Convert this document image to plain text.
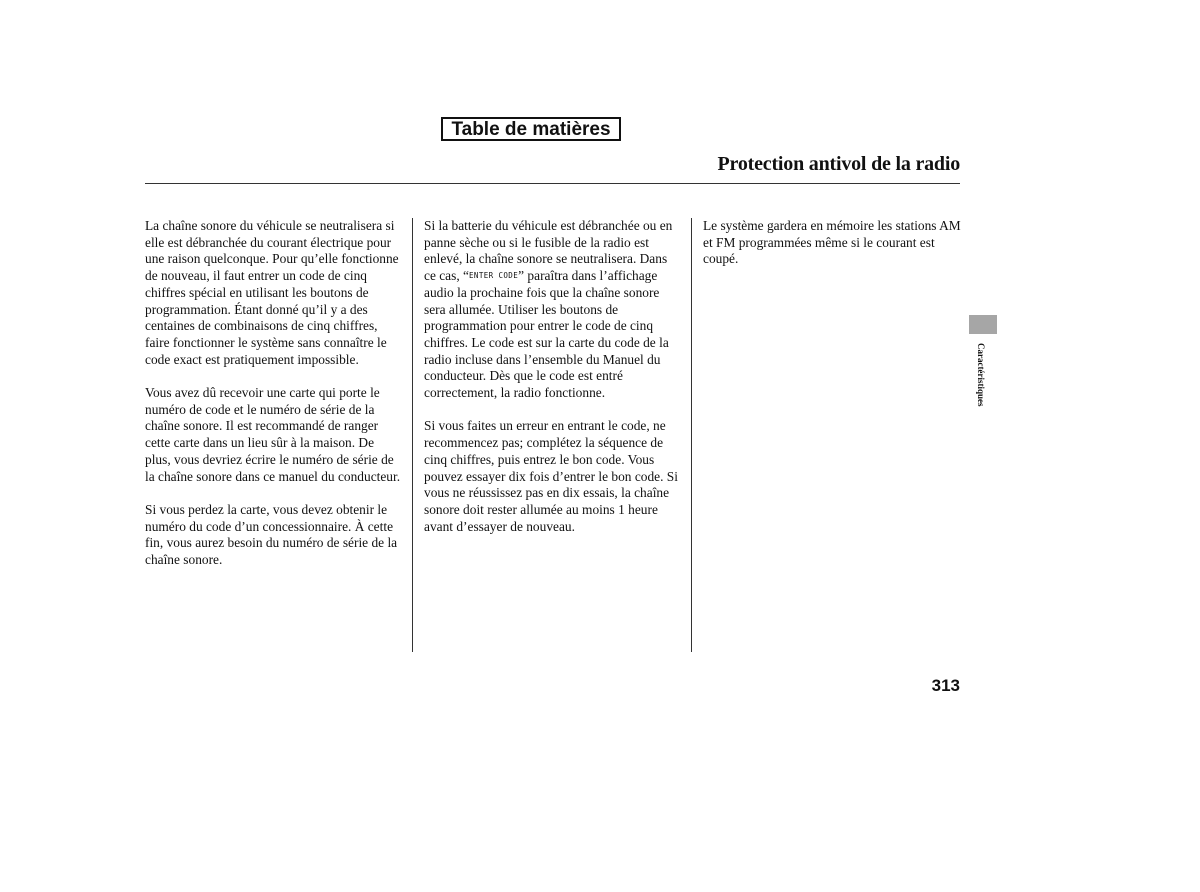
Table de matières
Protection antivol de la radio

La chaîne sonore du véhicule se neutralisera si elle est débranchée du courant électrique pour une raison quelconque. Pour qu’elle fonctionne de nouveau, il faut entrer un code de cinq chiffres spécial en utilisant les boutons de programmation. Étant donné qu’il y a des centaines de combinaisons de cinq chiffres, faire fonctionner le système sans connaître le code exact est pratiquement impossible.

Vous avez dû recevoir une carte qui porte le numéro de code et le numéro de série de la chaîne sonore. Il est recommandé de ranger cette carte dans un lieu sûr à la maison. De plus, vous devriez écrire le numéro de série de la chaîne sonore dans ce manuel du conducteur.

Si vous perdez la carte, vous devez obtenir le numéro du code d’un concessionnaire. À cette fin, vous aurez besoin du numéro de série de la chaîne sonore.

Si la batterie du véhicule est débranchée ou en panne sèche ou si le fusible de la radio est enlevé, la chaîne sonore se neutralisera. Dans ce cas, “ENTER CODE” paraîtra dans l’affichage audio la prochaine fois que la chaîne sonore sera allumée. Utiliser les boutons de programmation pour entrer le code de cinq chiffres. Le code est sur la carte du code de la radio incluse dans l’ensemble du Manuel du conducteur. Dès que le code est entré correctement, la radio fonctionne.

Si vous faites un erreur en entrant le code, ne recommencez pas; complétez la séquence de cinq chiffres, puis entrez le bon code. Vous pouvez essayer dix fois d’entrer le bon code. Si vous ne réussissez pas en dix essais, la chaîne sonore doit rester allumée au moins 1 heure avant d’essayer de nouveau.

Le système gardera en mémoire les stations AM et FM programmées même si le courant est coupé.

Caractéristiques
313
